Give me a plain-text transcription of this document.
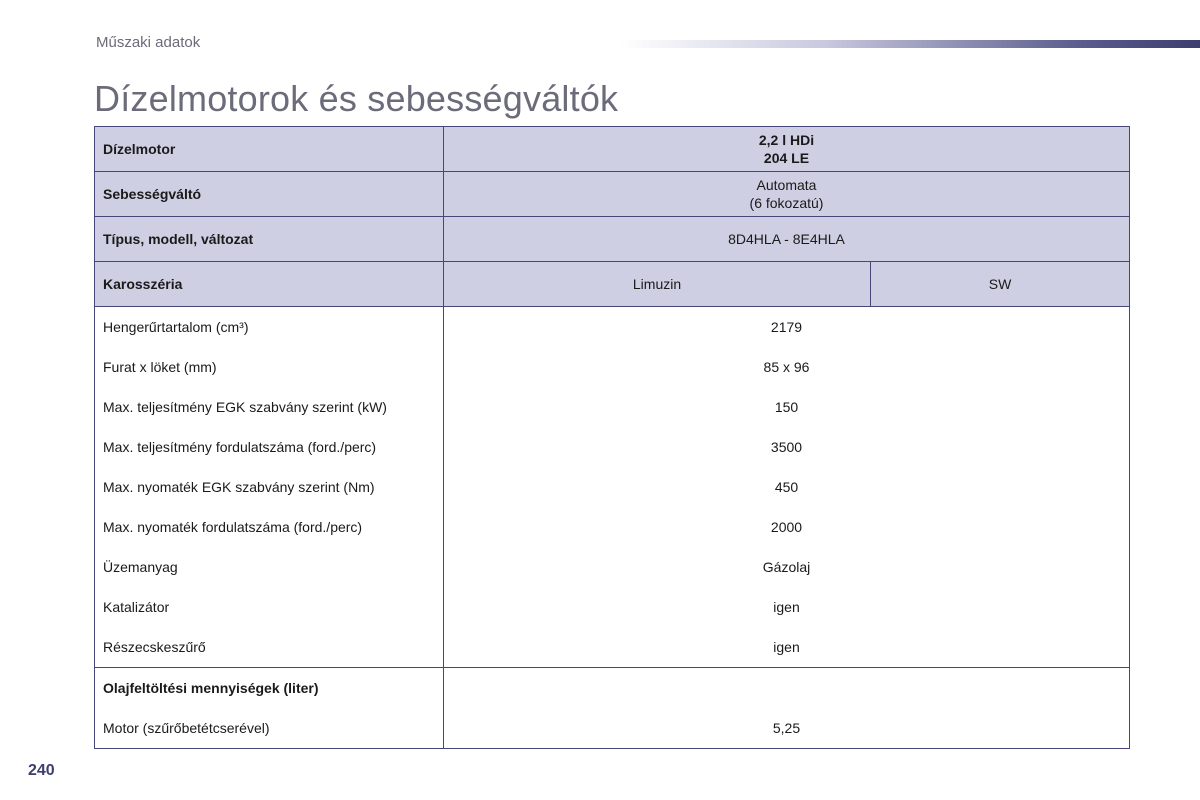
Műszaki adatok
Dízelmotorok és sebességváltók
Dízelmotor	2,2 l HDi
204 LE	

Sebességváltó	Automata
(6 fokozatú)	

Típus, modell, változat	8D4HLA - 8E4HLA	
Karosszéria	Limuzin	SW
Hengerűrtartalom (cm³)	2179	
Furat x löket (mm)	85 x 96	
Max. teljesítmény EGK szabvány szerint (kW)	150	
Max. teljesítmény fordulatszáma (ford./perc)	3500	
Max. nyomaték EGK szabvány szerint (Nm)	450	
Max. nyomaték fordulatszáma (ford./perc)	2000	
Üzemanyag	Gázolaj	
Katalizátor	igen	
Részecskeszűrő	igen	
Olajfeltöltési mennyiségek (liter)		
Motor (szűrőbetétcserével)	5,25	
240
